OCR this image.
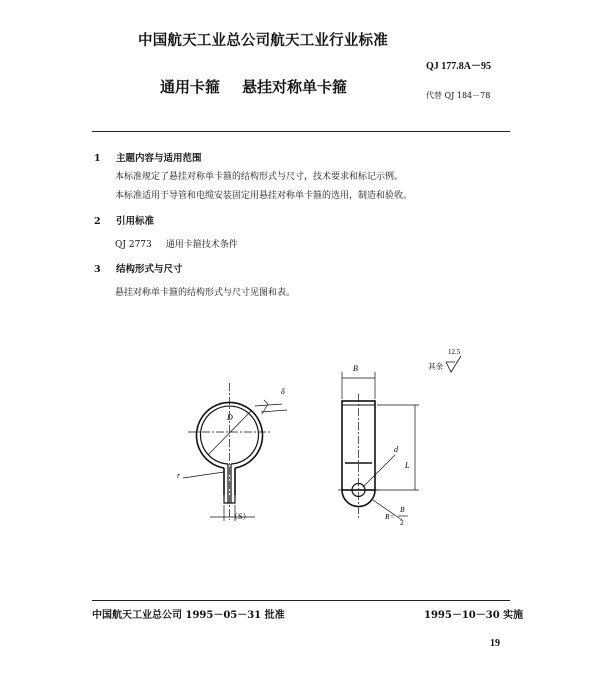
中国航天工业总公司航天工业行业标准
QJ 177.8A－95
通用卡箍 悬挂对称单卡箍	代替 QJ 184－78
1 主题内容与适用范围
本标准规定了悬挂对称单卡箍的结构形式与尺寸，技术要求和标记示例。
本标准适用于导管和电缆安装固定用悬挂对称单卡箍的选用，制造和验收。
2 引用标准
QJ 2773 通用卡箍技术条件
3 结构形式与尺寸
悬挂对称单卡箍的结构形式与尺寸见图和表。
δ
D
r
（S）
B
d
L
R=
B
2
12.5
其余
中国航天工业总公司 1995－05－31 批准	1995－10－30 实施
19
